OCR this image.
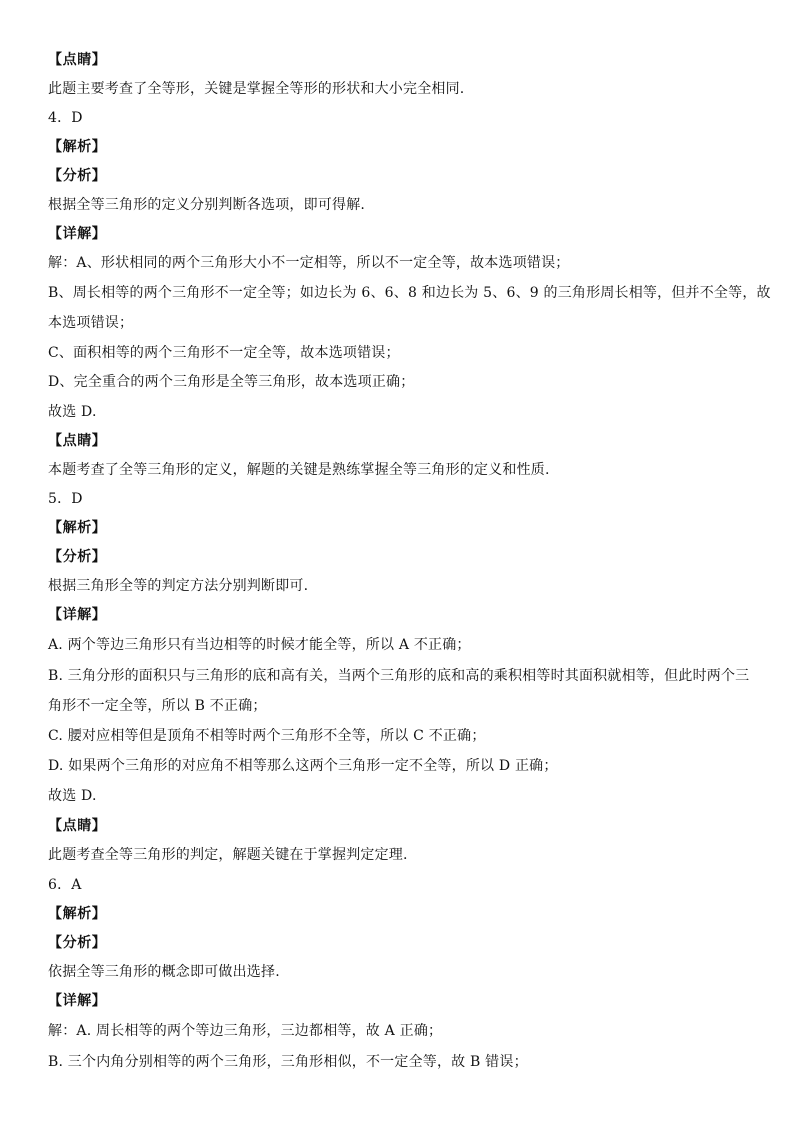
【点睛】
此题主要考查了全等形，关键是掌握全等形的形状和大小完全相同.
4．D
【解析】
【分析】
根据全等三角形的定义分别判断各选项，即可得解.
【详解】
解：A、形状相同的两个三角形大小不一定相等，所以不一定全等，故本选项错误；
B、周长相等的两个三角形不一定全等；如边长为 6、6、8 和边长为 5、6、9 的三角形周长相等，但并不全等，故
本选项错误；
C、面积相等的两个三角形不一定全等，故本选项错误；
D、完全重合的两个三角形是全等三角形，故本选项正确；
故选 D.
【点睛】
本题考查了全等三角形的定义，解题的关键是熟练掌握全等三角形的定义和性质.
5．D
【解析】
【分析】
根据三角形全等的判定方法分别判断即可.
【详解】
A. 两个等边三角形只有当边相等的时候才能全等，所以 A 不正确；
B. 三角分形的面积只与三角形的底和高有关，当两个三角形的底和高的乘积相等时其面积就相等，但此时两个三
角形不一定全等，所以 B 不正确；
C. 腰对应相等但是顶角不相等时两个三角形不全等，所以 C 不正确；
D. 如果两个三角形的对应角不相等那么这两个三角形一定不全等，所以 D 正确；
故选 D.
【点睛】
此题考查全等三角形的判定，解题关键在于掌握判定定理.
6．A
【解析】
【分析】
依据全等三角形的概念即可做出选择.
【详解】
解：A. 周长相等的两个等边三角形，三边都相等，故 A 正确；
B. 三个内角分别相等的两个三角形，三角形相似，不一定全等，故 B 错误；
